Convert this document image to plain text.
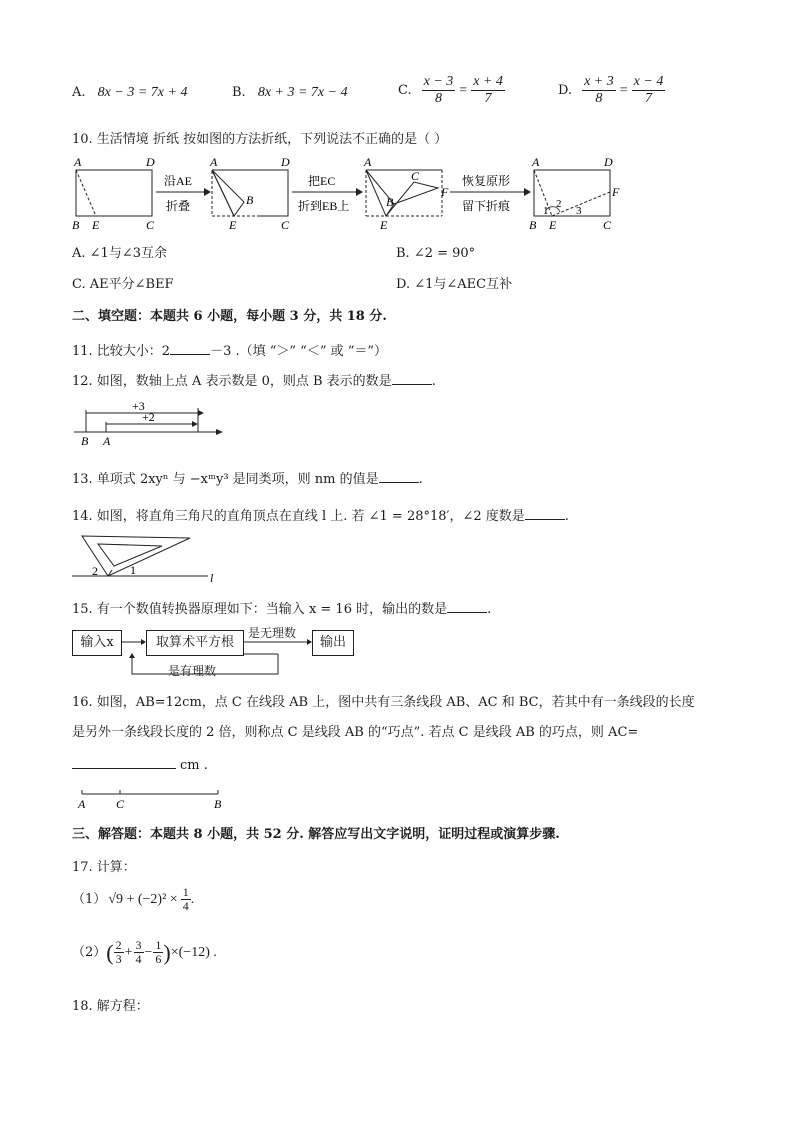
A. 8x − 3 = 7x + 4	B. 8x + 3 = 7x − 4	C. $\frac{x - 3}{8} = \frac{x + 4}{7}$	D. $\frac{x + 3}{8} = \frac{x - 4}{7}$
10. 生活情境 折纸 按如图的方法折纸，下列说法不正确的是（ ）
A	D
B E	C
沿AE
折叠
A	D
B
E	C
把EC
折到EB上
A
C
B
E
F
恢复原形
留下折痕
A	D
F
1
2
3
B E	C
A. ∠1与∠3互余	B. ∠2 = 90°
C. AE平分∠BEF	D. ∠1与∠AEC互补
二、填空题：本题共 6 小题，每小题 3 分，共 18 分.
11. 比较大小：2	－3 .（填 “＞” “＜” 或 “＝”）
12. 如图，数轴上点 A 表示数是 0，则点 B 表示的数是	.
+3
+2
B A
13. 单项式 2xyⁿ 与 −xᵐy³ 是同类项，则 nm 的值是	.
14. 如图，将直角三角尺的直角顶点在直线 l 上. 若 ∠1 = 28°18′，∠2 度数是	.
2	1
l
15. 有一个数值转换器原理如下：当输入 x = 16 时，输出的数是	.
输入x	取算术平方根	输出
是无理数
是有理数
16. 如图，AB=12cm，点 C 在线段 AB 上，图中共有三条线段 AB、AC 和 BC，若其中有一条线段的长度
是另外一条线段长度的 2 倍，则称点 C 是线段 AB 的“巧点”. 若点 C 是线段 AB 的巧点，则 AC=
cm .
A	C	B
三、解答题：本题共 8 小题，共 52 分. 解答应写出文字说明，证明过程或演算步骤.
17. 计算：
（1） $√9 + (-2)^2 \times \frac{1}{4}$ .
（2） ( $\frac{2}{3} + \frac{3}{4} - \frac{1}{6}$ ) ×(−12) .
18. 解方程：
